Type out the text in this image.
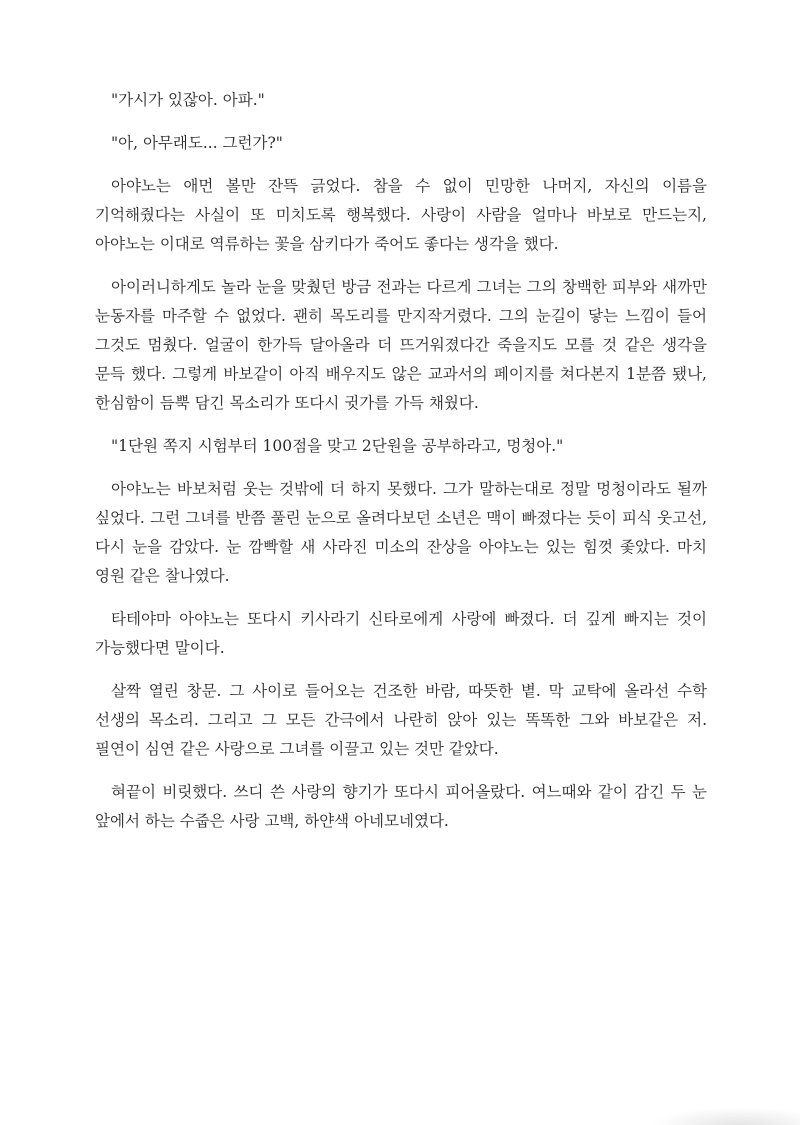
"가시가 있잖아. 아파."

"아, 아무래도... 그런가?"

아야노는 애먼 볼만 잔뜩 긁었다. 참을 수 없이 민망한 나머지, 자신의 이름을 기억해줬다는 사실이 또 미치도록 행복했다. 사랑이 사람을 얼마나 바보로 만드는지, 아야노는 이대로 역류하는 꽃을 삼키다가 죽어도 좋다는 생각을 했다.

아이러니하게도 놀라 눈을 맞췄던 방금 전과는 다르게 그녀는 그의 창백한 피부와 새까만 눈동자를 마주할 수 없었다. 괜히 목도리를 만지작거렸다. 그의 눈길이 닿는 느낌이 들어 그것도 멈췄다. 얼굴이 한가득 달아올라 더 뜨거워졌다간 죽을지도 모를 것 같은 생각을 문득 했다. 그렇게 바보같이 아직 배우지도 않은 교과서의 페이지를 쳐다본지 1분쯤 됐나, 한심함이 듬뿍 담긴 목소리가 또다시 귓가를 가득 채웠다.

"1단원 쪽지 시험부터 100점을 맞고 2단원을 공부하라고, 멍청아."

아야노는 바보처럼 웃는 것밖에 더 하지 못했다. 그가 말하는대로 정말 멍청이라도 될까 싶었다. 그런 그녀를 반쯤 풀린 눈으로 올려다보던 소년은 맥이 빠졌다는 듯이 피식 웃고선, 다시 눈을 감았다. 눈 깜빡할 새 사라진 미소의 잔상을 아야노는 있는 힘껏 좇았다. 마치 영원 같은 찰나였다.

타테야마 아야노는 또다시 키사라기 신타로에게 사랑에 빠졌다. 더 깊게 빠지는 것이 가능했다면 말이다.

살짝 열린 창문. 그 사이로 들어오는 건조한 바람, 따뜻한 볕. 막 교탁에 올라선 수학 선생의 목소리. 그리고 그 모든 간극에서 나란히 앉아 있는 똑똑한 그와 바보같은 저. 필연이 심연 같은 사랑으로 그녀를 이끌고 있는 것만 같았다.

혀끝이 비릿했다. 쓰디 쓴 사랑의 향기가 또다시 피어올랐다. 여느때와 같이 감긴 두 눈 앞에서 하는 수줍은 사랑 고백, 하얀색 아네모네였다.
